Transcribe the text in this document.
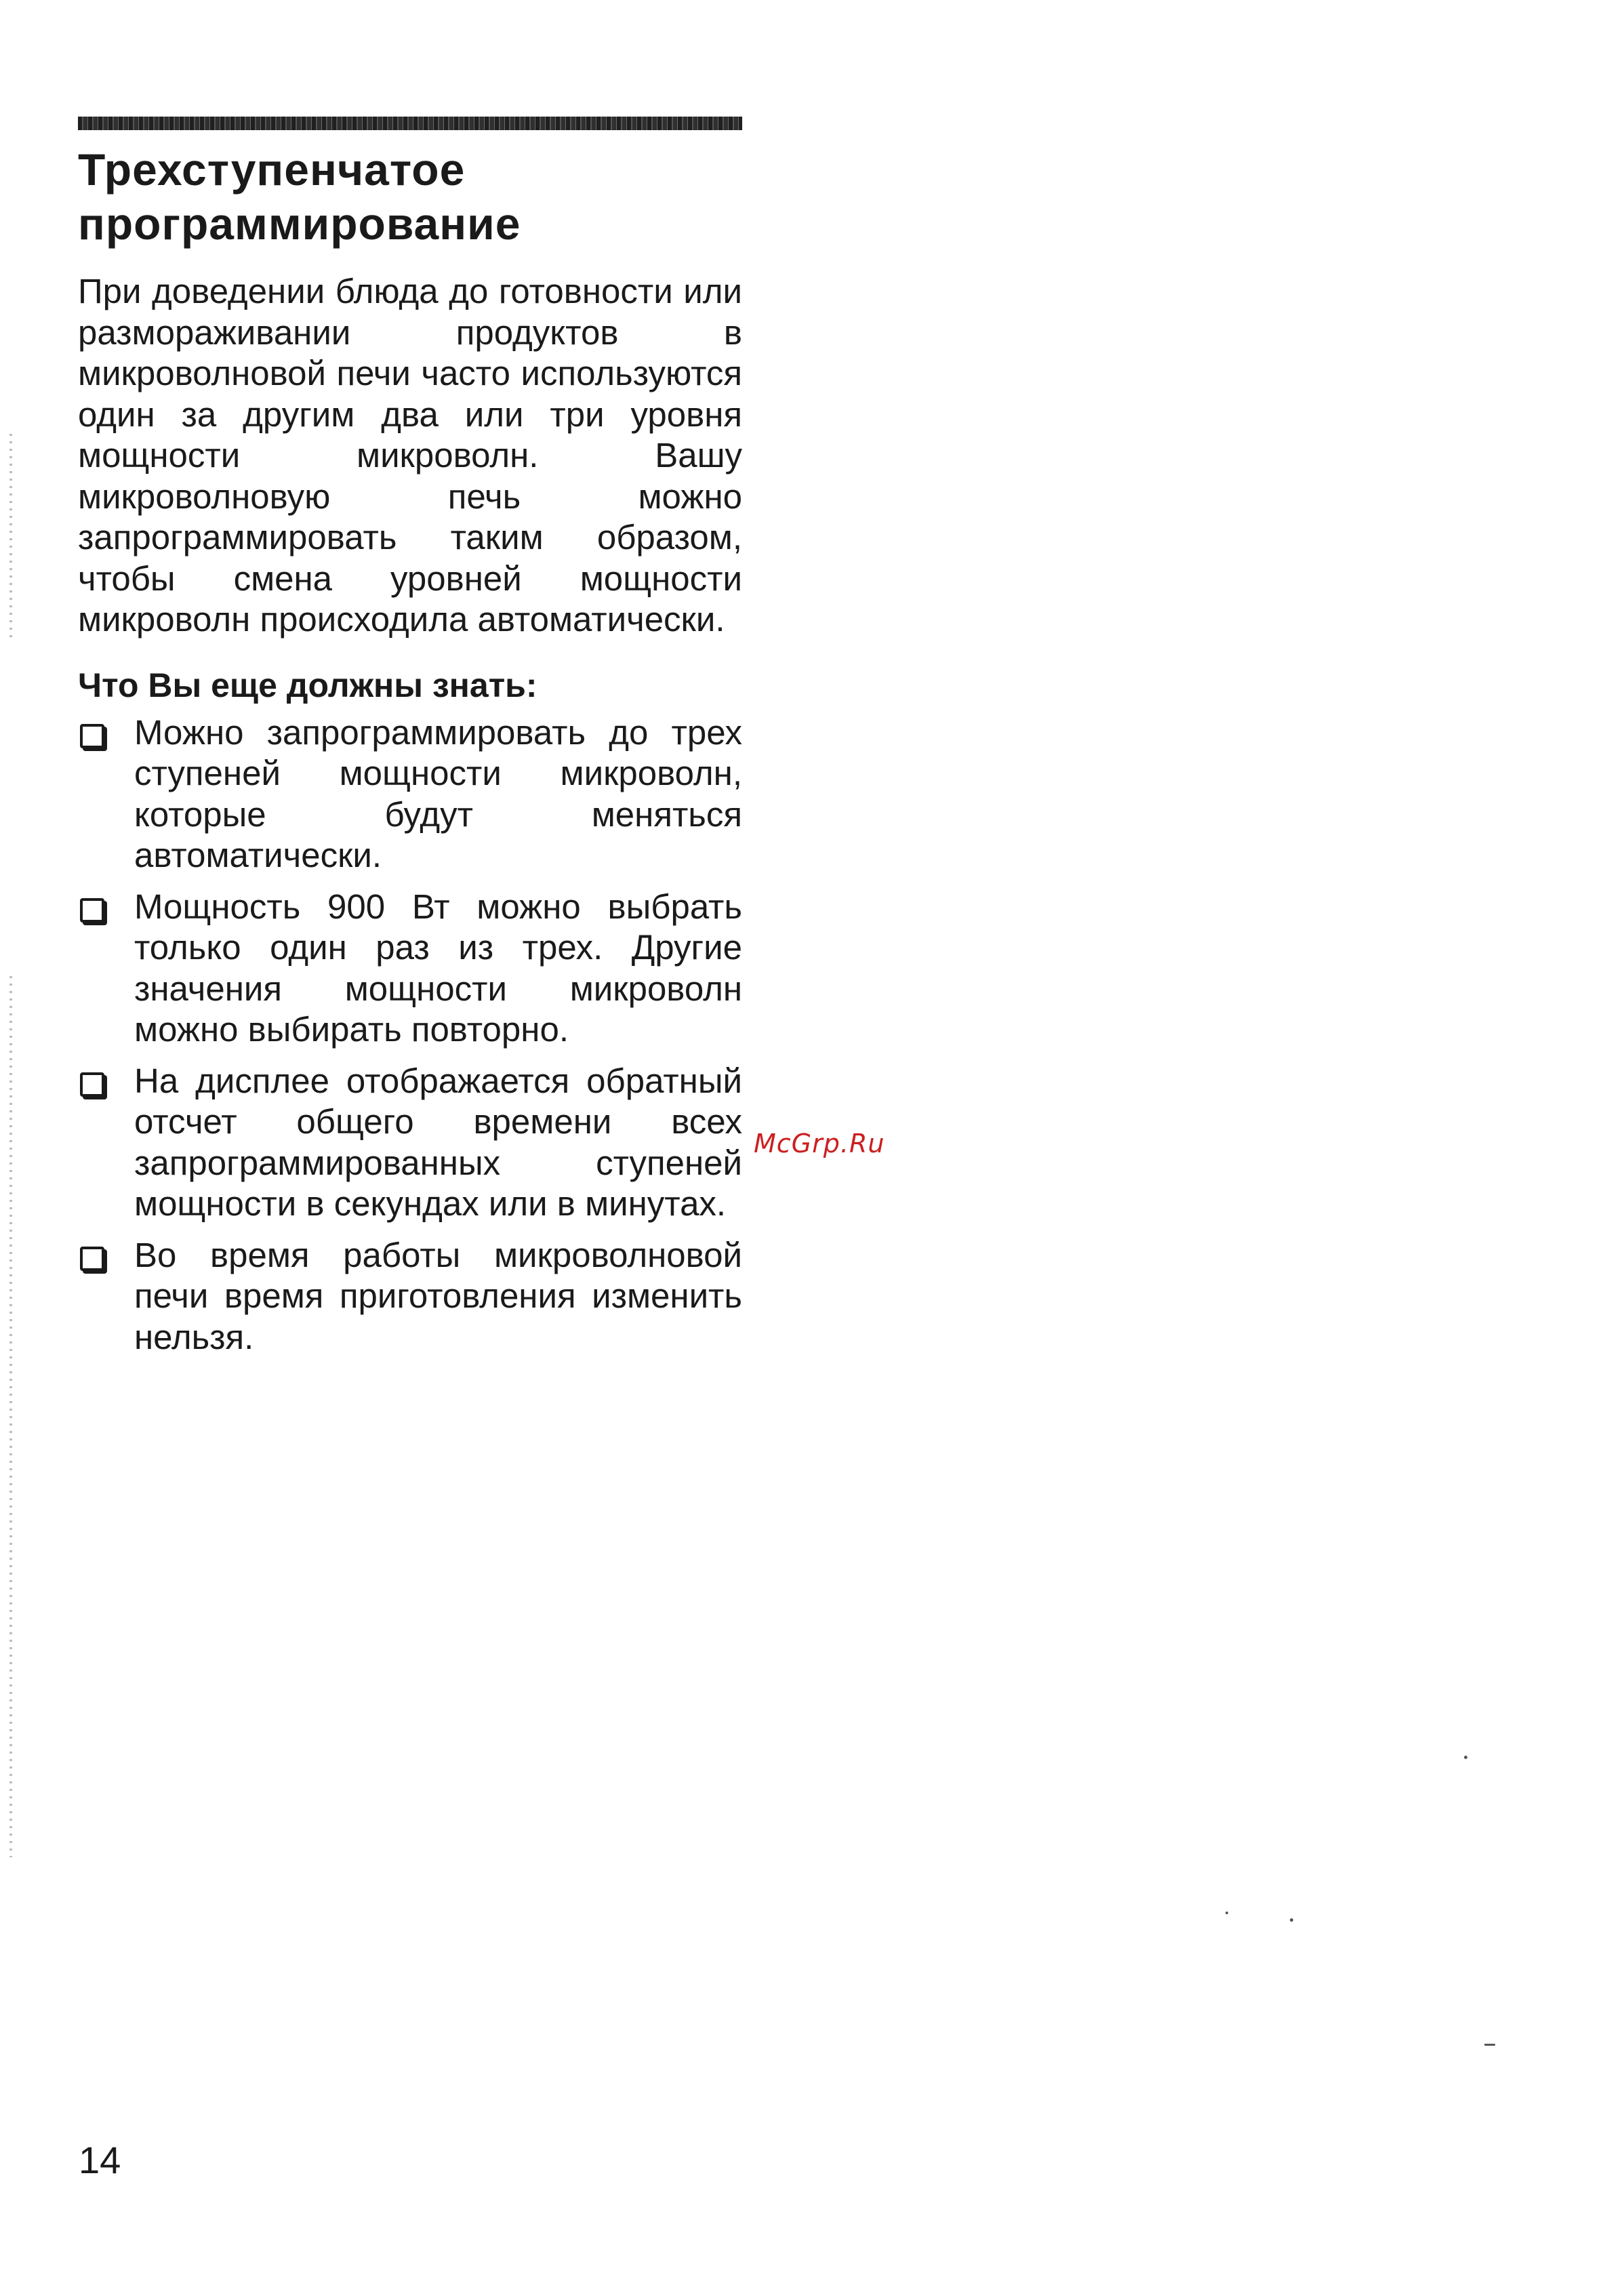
Трехступенчатое
программирование

При доведении блюда до готовности или размораживании продуктов в микроволновой печи часто используются один за другим два или три уровня мощности микроволн. Вашу микроволновую печь можно запрограммировать таким образом, чтобы смена уровней мощности микроволн происходила автоматически.

Что Вы еще должны знать:
Можно запрограммировать до трех ступеней мощности микроволн, которые будут меняться автоматически.
Мощность 900 Вт можно выбрать только один раз из трех. Другие значения мощности микроволн можно выбирать повторно.
На дисплее отображается обратный отсчет общего времени всех запрограммированных ступеней мощности в секундах или в минутах.
Во время работы микроволновой печи время приготовления изменить нельзя.
McGrp.Ru
14
